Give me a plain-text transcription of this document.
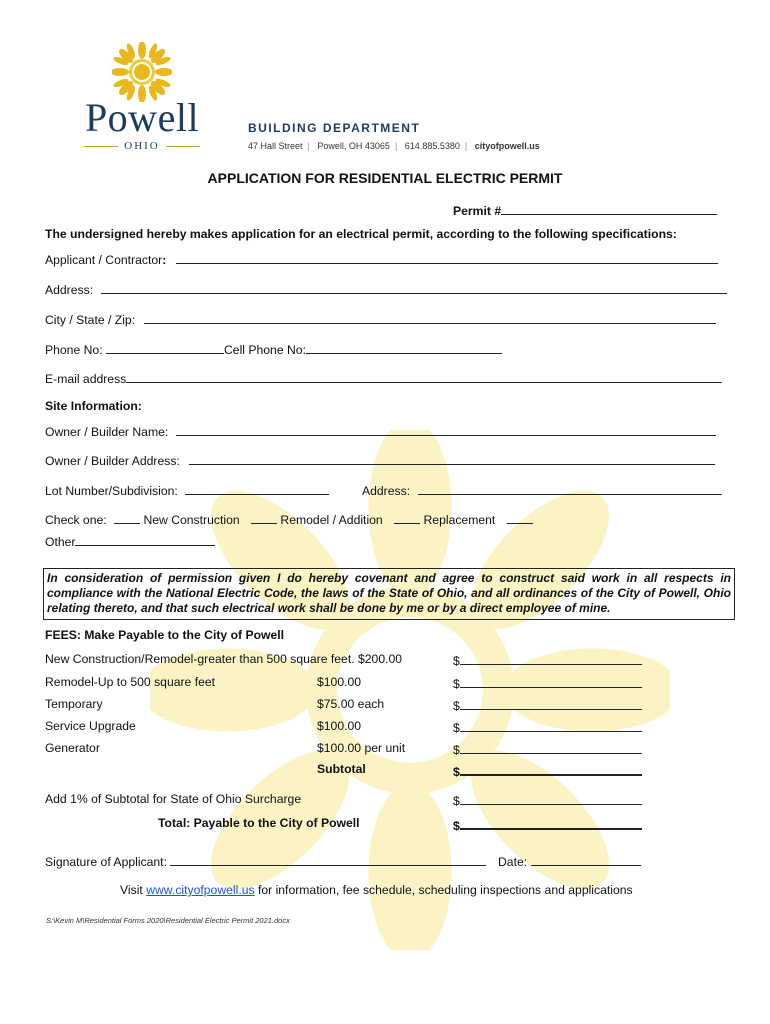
Powell
OHIO
BUILDING DEPARTMENT
47 Hall Street | Powell, OH 43065 | 614.885.5380 | cityofpowell.us
APPLICATION FOR RESIDENTIAL ELECTRIC PERMIT
Permit #
The undersigned hereby makes application for an electrical permit, according to the following specifications:
Applicant / Contractor:
Address:
City / State / Zip:
Phone No:	Cell Phone No:
E-mail address
Site Information:
Owner / Builder Name:
Owner / Builder Address:
Lot Number/Subdivision:	Address:
Check one:	New Construction	Remodel / Addition	Replacement
Other
In consideration of permission given I do hereby covenant and agree to construct said work in all respects in compliance with the National Electric Code, the laws of the State of Ohio, and all ordinances of the City of Powell, Ohio relating thereto, and that such electrical work shall be done by me or by a direct employee of mine.
FEES: Make Payable to the City of Powell
New Construction/Remodel-greater than 500 square feet. $200.00	$
Remodel-Up to 500 square feet	$100.00	$
Temporary	$75.00 each	$
Service Upgrade	$100.00	$
Generator	$100.00 per unit	$
Subtotal	$
Add 1% of Subtotal for State of Ohio Surcharge	$
Total: Payable to the City of Powell	$
Signature of Applicant:	Date:
Visit www.cityofpowell.us for information, fee schedule, scheduling inspections and applications
S:\Kevin M\Residential Forms 2020\Residential Electric Permit 2021.docx
